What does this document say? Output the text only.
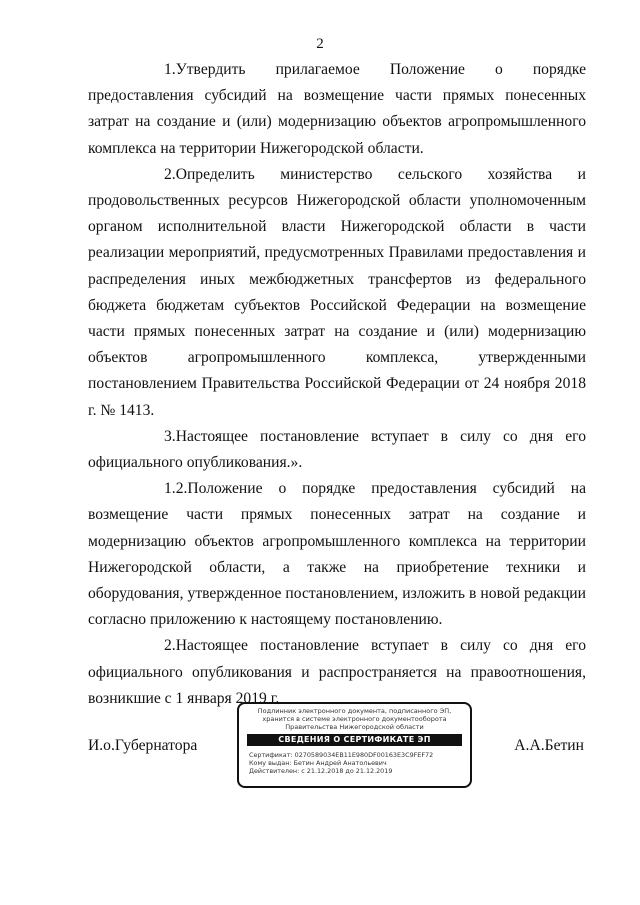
2

1.Утвердить прилагаемое Положение о порядке предоставления субсидий на возмещение части прямых понесенных затрат на создание и (или) модернизацию объектов агропромышленного комплекса на территории Нижегородской области.

2.Определить министерство сельского хозяйства и продовольственных ресурсов Нижегородской области уполномоченным органом исполнительной власти Нижегородской области в части реализации мероприятий, предусмотренных Правилами предоставления и распределения иных межбюджетных трансфертов из федерального бюджета бюджетам субъектов Российской Федерации на возмещение части прямых понесенных затрат на создание и (или) модернизацию объектов агропромышленного комплекса, утвержденными постановлением Правительства Российской Федерации от 24 ноября 2018 г. № 1413.

3.Настоящее постановление вступает в силу со дня его официального опубликования.».

1.2.Положение о порядке предоставления субсидий на возмещение части прямых понесенных затрат на создание и модернизацию объектов агропромышленного комплекса на территории Нижегородской области, а также на приобретение техники и оборудования, утвержденное постановлением, изложить в новой редакции согласно приложению к настоящему постановлению.

2.Настоящее постановление вступает в силу со дня его официального опубликования и распространяется на правоотношения, возникшие с 1 января 2019 г.

И.о.Губернатора	А.А.Бетин
Подлинник электронного документа, подписанного ЭП,
хранится в системе электронного документооборота
Правительства Нижегородской области
СВЕДЕНИЯ О СЕРТИФИКАТЕ ЭП
Сертификат: 0270589034EB11E980DF00163E3C9FEF72
Кому выдан: Бетин Андрей Анатольевич
Действителен: с 21.12.2018 до 21.12.2019
